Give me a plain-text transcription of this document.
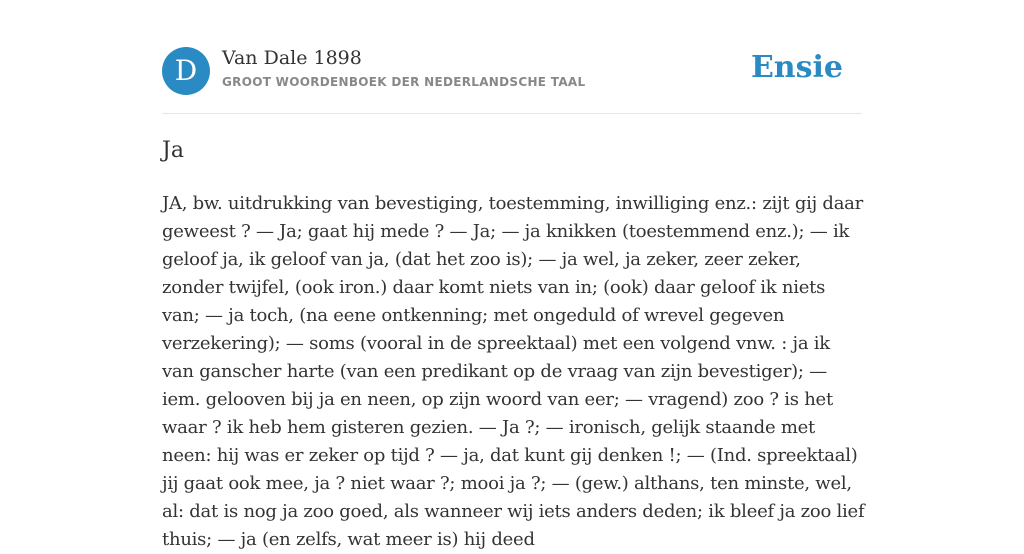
D Van Dale 1898
GROOT WOORDENBOEK DER NEDERLANDSCHE TAAL	Ensie
Ja

JA, bw. uitdrukking van bevestiging, toestemming, inwilliging enz.: zijt gij daar geweest ? — Ja; gaat hij mede ? — Ja; — ja knikken (toestemmend enz.); — ik geloof ja, ik geloof van ja, (dat het zoo is); — ja wel, ja zeker, zeer zeker, zonder twijfel, (ook iron.) daar komt niets van in; (ook) daar geloof ik niets van; — ja toch, (na eene ontkenning; met ongeduld of wrevel gegeven verzekering); — soms (vooral in de spreektaal) met een volgend vnw. : ja ik van ganscher harte (van een predikant op de vraag van zijn bevestiger); — iem. gelooven bij ja en neen, op zijn woord van eer; — vragend) zoo ? is het waar ? ik heb hem gisteren gezien. — Ja ?; — ironisch, gelijk staande met neen: hij was er zeker op tijd ? — ja, dat kunt gij denken !; — (Ind. spreektaal) jij gaat ook mee, ja ? niet waar ?; mooi ja ?; — (gew.) althans, ten minste, wel, al: dat is nog ja zoo goed, als wanneer wij iets anders deden; ik bleef ja zoo lief thuis; — ja (en zelfs, wat meer is) hij deed
